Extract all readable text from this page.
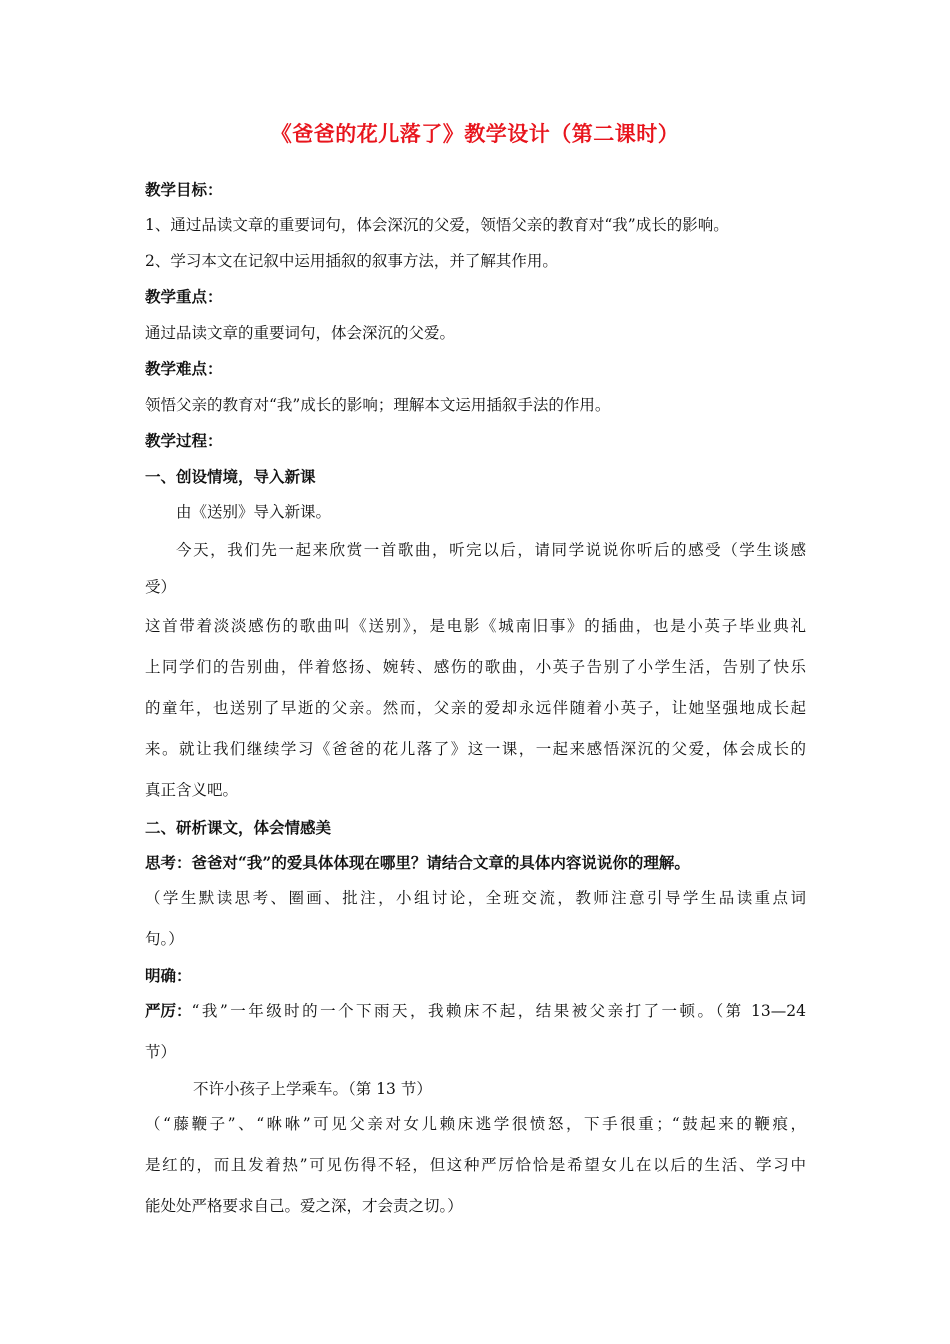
《爸爸的花儿落了》教学设计（第二课时）
教学目标：
1、通过品读文章的重要词句，体会深沉的父爱，领悟父亲的教育对“我”成长的影响。
2、学习本文在记叙中运用插叙的叙事方法，并了解其作用。
教学重点：
通过品读文章的重要词句，体会深沉的父爱。
教学难点：
领悟父亲的教育对“我”成长的影响；理解本文运用插叙手法的作用。
教学过程：
一、创设情境，导入新课
由《送别》导入新课。
今天，我们先一起来欣赏一首歌曲，听完以后，请同学说说你听后的感受（学生谈感
受）
这首带着淡淡感伤的歌曲叫《送别》，是电影《城南旧事》的插曲，也是小英子毕业典礼
上同学们的告别曲，伴着悠扬、婉转、感伤的歌曲，小英子告别了小学生活，告别了快乐
的童年，也送别了早逝的父亲。然而，父亲的爱却永远伴随着小英子，让她坚强地成长起
来。就让我们继续学习《爸爸的花儿落了》这一课，一起来感悟深沉的父爱，体会成长的
真正含义吧。
二、研析课文，体会情感美
思考：爸爸对“我”的爱具体体现在哪里？请结合文章的具体内容说说你的理解。
（学生默读思考、圈画、批注，小组讨论，全班交流，教师注意引导学生品读重点词
句。）
明确：
严厉： “我”一年级时的一个下雨天，我赖床不起，结果被父亲打了一顿。（第 13—24
节）
不许小孩子上学乘车。（第 13 节）
（“藤鞭子”、“咻咻”可见父亲对女儿赖床逃学很愤怒，下手很重；“鼓起来的鞭痕，
是红的，而且发着热”可见伤得不轻，但这种严厉恰恰是希望女儿在以后的生活、学习中
能处处严格要求自己。爱之深，才会责之切。）
